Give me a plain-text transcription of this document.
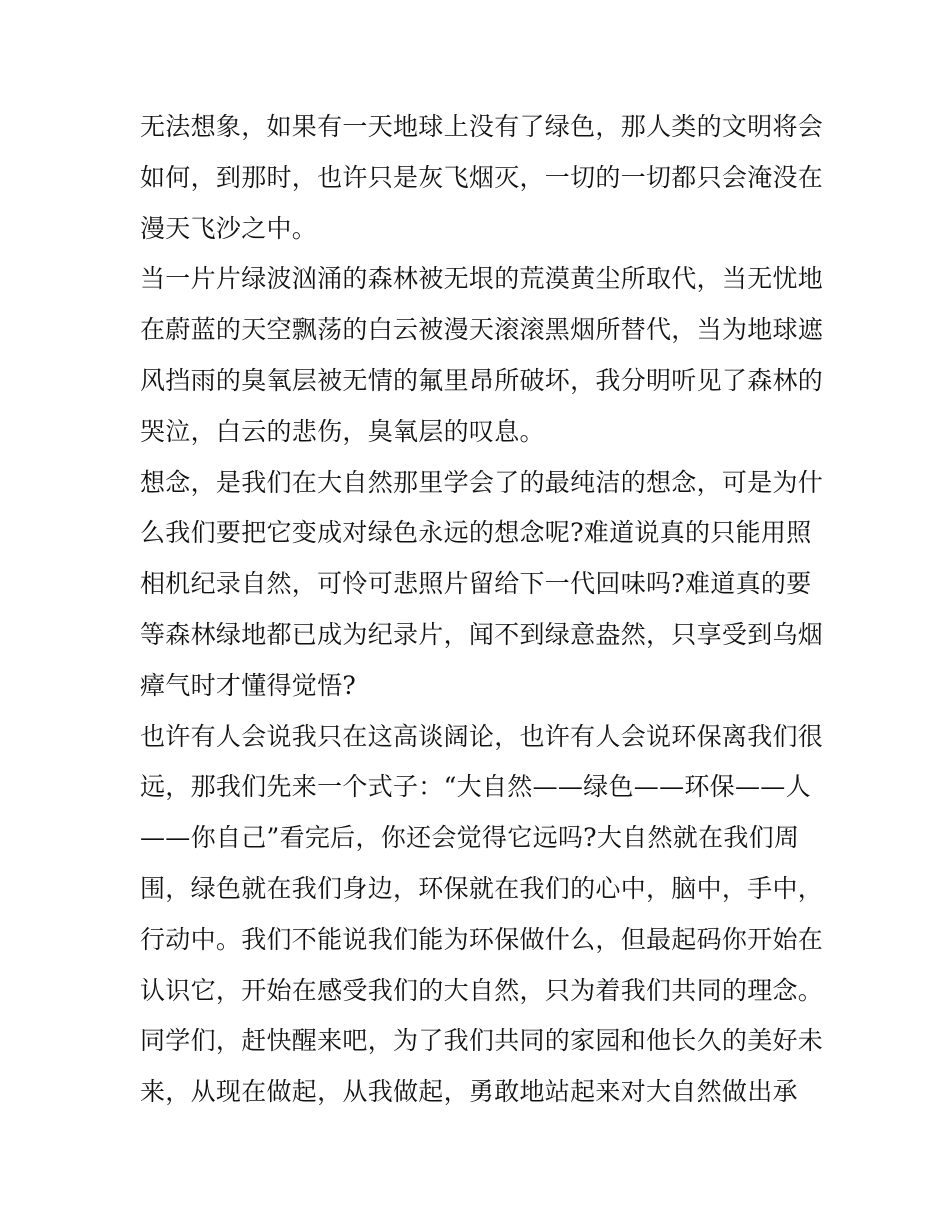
无法想象，如果有一天地球上没有了绿色，那人类的文明将会
如何，到那时，也许只是灰飞烟灭，一切的一切都只会淹没在
漫天飞沙之中。
当一片片绿波汹涌的森林被无垠的荒漠黄尘所取代，当无忧地
在蔚蓝的天空飘荡的白云被漫天滚滚黑烟所替代，当为地球遮
风挡雨的臭氧层被无情的氟里昂所破坏，我分明听见了森林的
哭泣，白云的悲伤，臭氧层的叹息。
想念，是我们在大自然那里学会了的最纯洁的想念，可是为什
么我们要把它变成对绿色永远的想念呢?难道说真的只能用照
相机纪录自然，可怜可悲照片留给下一代回味吗?难道真的要
等森林绿地都已成为纪录片，闻不到绿意盎然，只享受到乌烟
瘴气时才懂得觉悟?
也许有人会说我只在这高谈阔论，也许有人会说环保离我们很
远，那我们先来一个式子：“大自然——绿色——环保——人
——你自己”看完后，你还会觉得它远吗?大自然就在我们周
围，绿色就在我们身边，环保就在我们的心中，脑中，手中，
行动中。我们不能说我们能为环保做什么，但最起码你开始在
认识它，开始在感受我们的大自然，只为着我们共同的理念。
同学们，赶快醒来吧，为了我们共同的家园和他长久的美好未
来，从现在做起，从我做起，勇敢地站起来对大自然做出承
